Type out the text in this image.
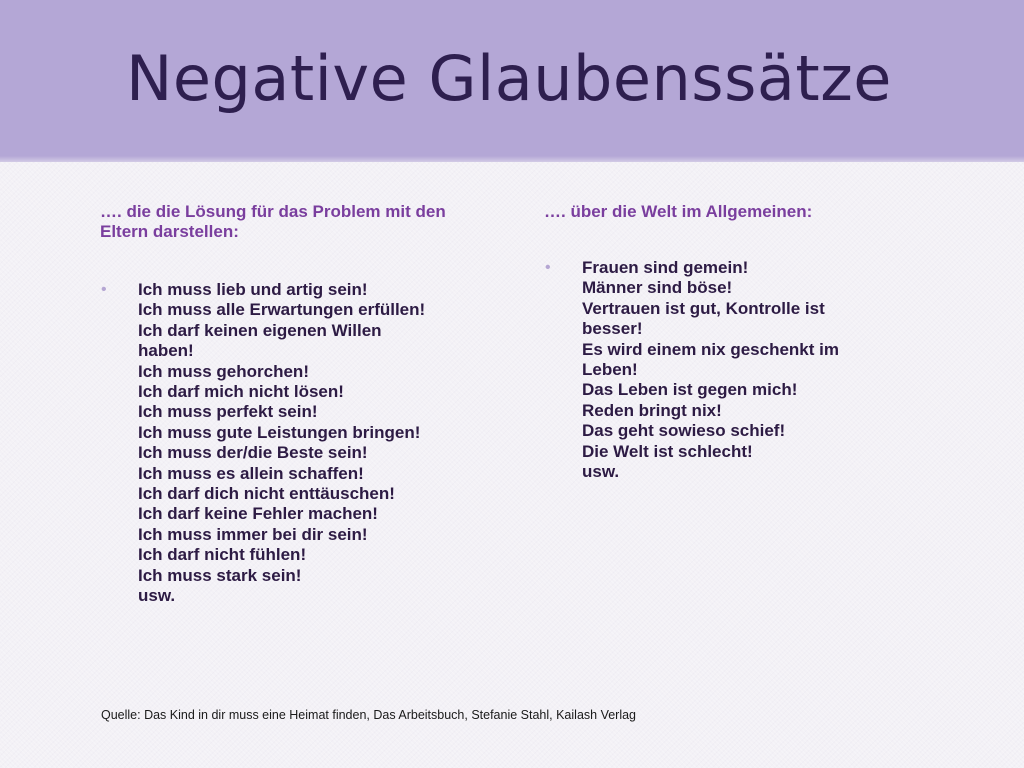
Negative Glaubenssätze
…. die die Lösung für das Problem mit den Eltern darstellen:
• Ich muss lieb und artig sein!
Ich muss alle Erwartungen erfüllen!
Ich darf keinen eigenen Willen
haben!
Ich muss gehorchen!
Ich darf mich nicht lösen!
Ich muss perfekt sein!
Ich muss gute Leistungen bringen!
Ich muss der/die Beste sein!
Ich muss es allein schaffen!
Ich darf dich nicht enttäuschen!
Ich darf keine Fehler machen!
Ich muss immer bei dir sein!
Ich darf nicht fühlen!
Ich muss stark sein!
usw.
…. über die Welt im Allgemeinen:
• Frauen sind gemein!
Männer sind böse!
Vertrauen ist gut, Kontrolle ist
besser!
Es wird einem nix geschenkt im
Leben!
Das Leben ist gegen mich!
Reden bringt nix!
Das geht sowieso schief!
Die Welt ist schlecht!
usw.
Quelle: Das Kind in dir muss eine Heimat finden, Das Arbeitsbuch, Stefanie Stahl, Kailash Verlag
